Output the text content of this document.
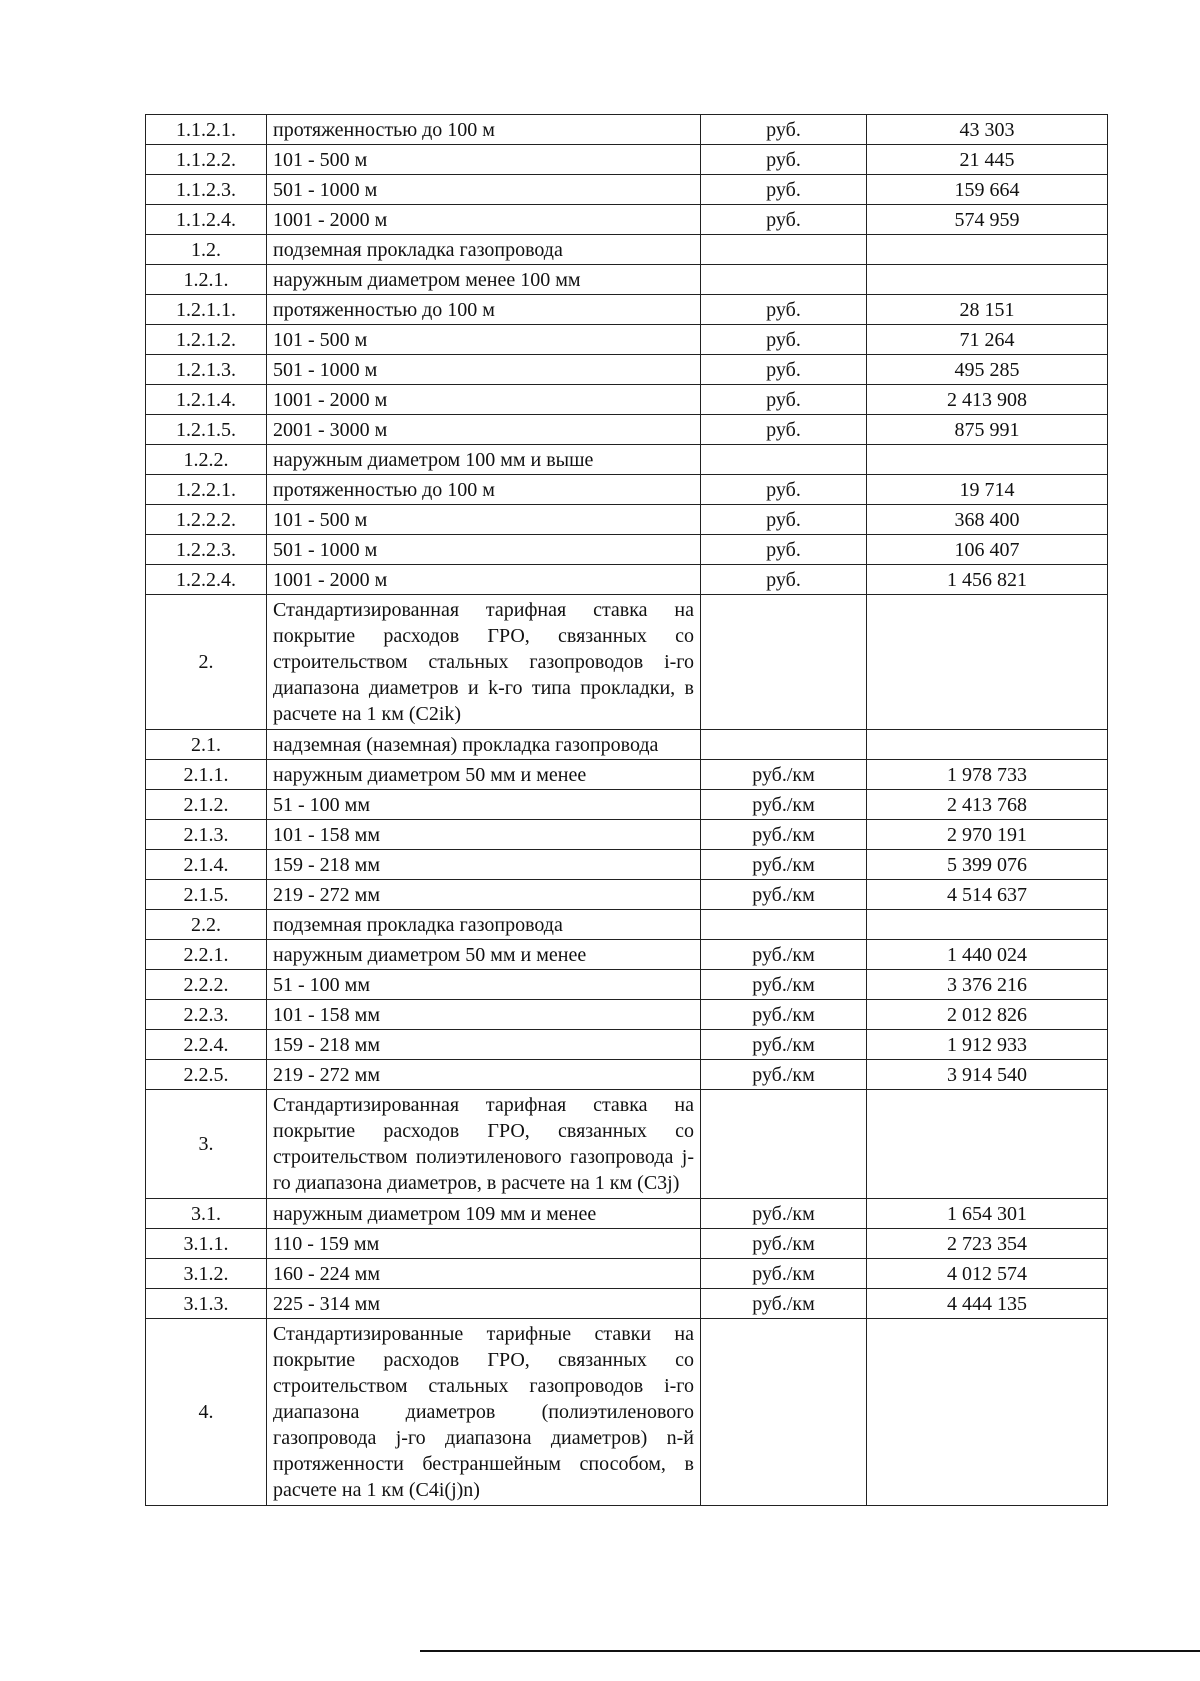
1.1.2.1.	протяженностью до 100 м	руб.	43 303
1.1.2.2.	101 - 500 м	руб.	21 445
1.1.2.3.	501 - 1000 м	руб.	159 664
1.1.2.4.	1001 - 2000 м	руб.	574 959
1.2.	подземная прокладка газопровода		
1.2.1.	наружным диаметром менее 100 мм		
1.2.1.1.	протяженностью до 100 м	руб.	28 151
1.2.1.2.	101 - 500 м	руб.	71 264
1.2.1.3.	501 - 1000 м	руб.	495 285
1.2.1.4.	1001 - 2000 м	руб.	2 413 908
1.2.1.5.	2001 - 3000 м	руб.	875 991
1.2.2.	наружным диаметром 100 мм и выше		
1.2.2.1.	протяженностью до 100 м	руб.	19 714
1.2.2.2.	101 - 500 м	руб.	368 400
1.2.2.3.	501 - 1000 м	руб.	106 407
1.2.2.4.	1001 - 2000 м	руб.	1 456 821
2.	Стандартизированная тарифная ставка на покрытие расходов ГРО, связанных со строительством стальных газопроводов i-го диапазона диаметров и k-го типа прокладки, в расчете на 1 км (C2ik)		
2.1.	надземная (наземная) прокладка газопровода		
2.1.1.	наружным диаметром 50 мм и менее	руб./км	1 978 733
2.1.2.	51 - 100 мм	руб./км	2 413 768
2.1.3.	101 - 158 мм	руб./км	2 970 191
2.1.4.	159 - 218 мм	руб./км	5 399 076
2.1.5.	219 - 272 мм	руб./км	4 514 637
2.2.	подземная прокладка газопровода		
2.2.1.	наружным диаметром 50 мм и менее	руб./км	1 440 024
2.2.2.	51 - 100 мм	руб./км	3 376 216
2.2.3.	101 - 158 мм	руб./км	2 012 826
2.2.4.	159 - 218 мм	руб./км	1 912 933
2.2.5.	219 - 272 мм	руб./км	3 914 540
3.	Стандартизированная тарифная ставка на покрытие расходов ГРО, связанных со строительством полиэтиленового газопровода j-го диапазона диаметров, в расчете на 1 км (C3j)		
3.1.	наружным диаметром 109 мм и менее	руб./км	1 654 301
3.1.1.	110 - 159 мм	руб./км	2 723 354
3.1.2.	160 - 224 мм	руб./км	4 012 574
3.1.3.	225 - 314 мм	руб./км	4 444 135
4.	Стандартизированные тарифные ставки на покрытие расходов ГРО, связанных со строительством стальных газопроводов i-го диапазона диаметров (полиэтиленового газопровода j-го диапазона диаметров) n-й протяженности бестраншейным способом, в расчете на 1 км (C4i(j)n)		
